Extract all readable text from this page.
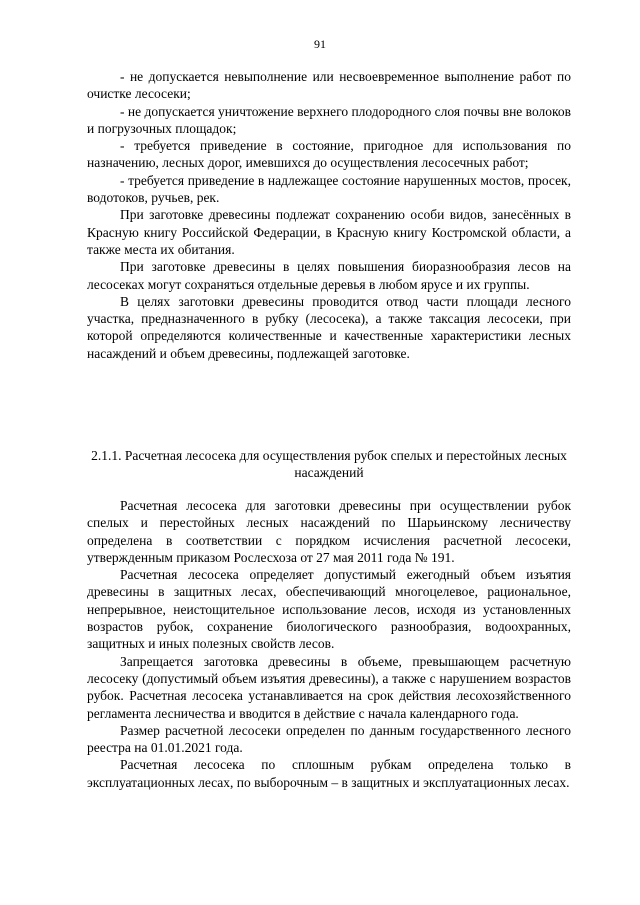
91

- не допускается невыполнение или несвоевременное выполнение работ по очистке лесосеки;

- не допускается уничтожение верхнего плодородного слоя почвы вне волоков и погрузочных площадок;

- требуется приведение в состояние, пригодное для использования по назначению, лесных дорог, имевшихся до осуществления лесосечных работ;

- требуется приведение в надлежащее состояние нарушенных мостов, просек, водотоков, ручьев, рек.

При заготовке древесины подлежат сохранению особи видов, занесённых в Красную книгу Российской Федерации, в Красную книгу Костромской области, а также места их обитания.

При заготовке древесины в целях повышения биоразнообразия лесов на лесосеках могут сохраняться отдельные деревья в любом ярусе и их группы.

В целях заготовки древесины проводится отвод части площади лесного участка, предназначенного в рубку (лесосека), а также таксация лесосеки, при которой определяются количественные и качественные характеристики лесных насаждений и объем древесины, подлежащей заготовке.

2.1.1. Расчетная лесосека для осуществления рубок спелых и перестойных лесных насаждений

Расчетная лесосека для заготовки древесины при осуществлении рубок спелых и перестойных лесных насаждений по Шарьинскому лесничеству определена в соответствии с порядком исчисления расчетной лесосеки, утвержденным приказом Рослесхоза от 27 мая 2011 года № 191.

Расчетная лесосека определяет допустимый ежегодный объем изъятия древесины в защитных лесах, обеспечивающий многоцелевое, рациональное, непрерывное, неистощительное использование лесов, исходя из установленных возрастов рубок, сохранение биологического разнообразия, водоохранных, защитных и иных полезных свойств лесов.

Запрещается заготовка древесины в объеме, превышающем расчетную лесосеку (допустимый объем изъятия древесины), а также с нарушением возрастов рубок. Расчетная лесосека устанавливается на срок действия лесохозяйственного регламента лесничества и вводится в действие с начала календарного года.

Размер расчетной лесосеки определен по данным государственного лесного реестра на 01.01.2021 года.

Расчетная лесосека по сплошным рубкам определена только в эксплуатационных лесах, по выборочным – в защитных и эксплуатационных лесах.
